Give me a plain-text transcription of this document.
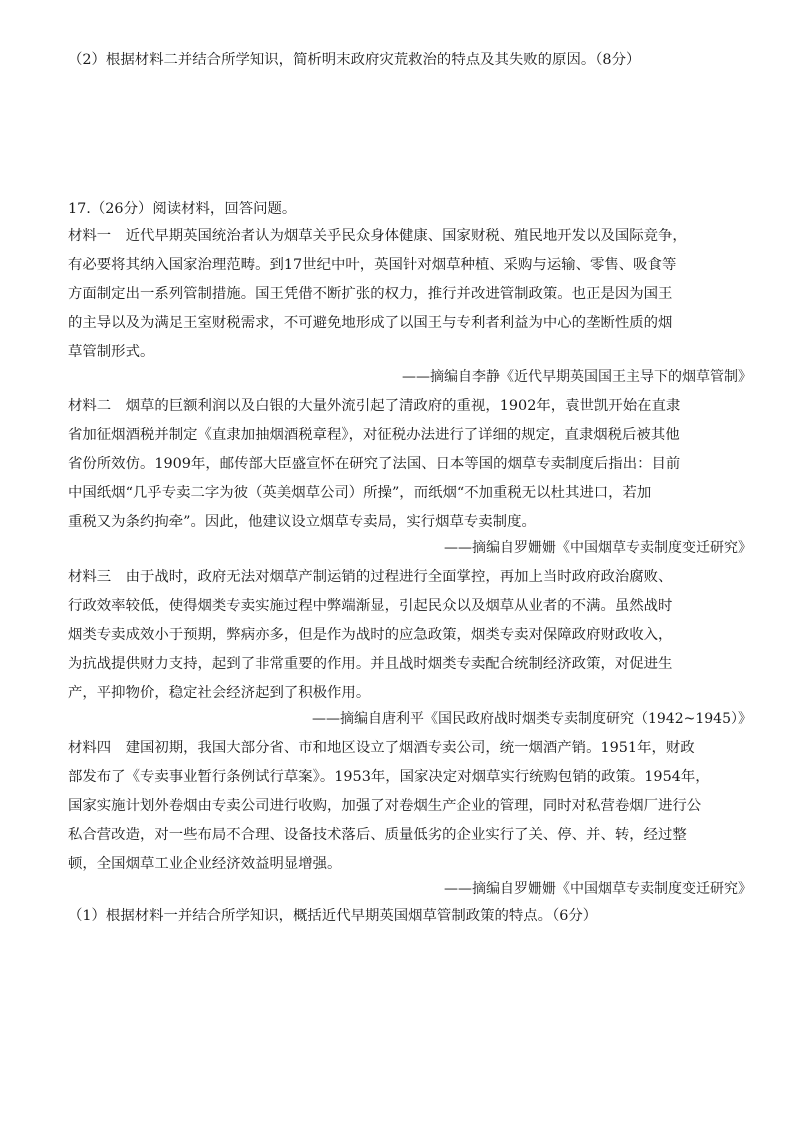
（2）根据材料二并结合所学知识，简析明末政府灾荒救治的特点及其失败的原因。（8分）
17.（26分）阅读材料，回答问题。
材料一　近代早期英国统治者认为烟草关乎民众身体健康、国家财税、殖民地开发以及国际竞争，
有必要将其纳入国家治理范畴。到17世纪中叶，英国针对烟草种植、采购与运输、零售、吸食等
方面制定出一系列管制措施。国王凭借不断扩张的权力，推行并改进管制政策。也正是因为国王
的主导以及为满足王室财税需求，不可避免地形成了以国王与专利者利益为中心的垄断性质的烟
草管制形式。
——摘编自李静《近代早期英国国王主导下的烟草管制》
材料二　烟草的巨额利润以及白银的大量外流引起了清政府的重视，1902年，袁世凯开始在直隶
省加征烟酒税并制定《直隶加抽烟酒税章程》，对征税办法进行了详细的规定，直隶烟税后被其他
省份所效仿。1909年，邮传部大臣盛宣怀在研究了法国、日本等国的烟草专卖制度后指出：目前
中国纸烟“几乎专卖二字为彼（英美烟草公司）所操”，而纸烟“不加重税无以杜其进口，若加
重税又为条约拘牵”。因此，他建议设立烟草专卖局，实行烟草专卖制度。
——摘编自罗姗姗《中国烟草专卖制度变迁研究》
材料三　由于战时，政府无法对烟草产制运销的过程进行全面掌控，再加上当时政府政治腐败、
行政效率较低，使得烟类专卖实施过程中弊端渐显，引起民众以及烟草从业者的不满。虽然战时
烟类专卖成效小于预期，弊病亦多，但是作为战时的应急政策，烟类专卖对保障政府财政收入，
为抗战提供财力支持，起到了非常重要的作用。并且战时烟类专卖配合统制经济政策，对促进生
产，平抑物价，稳定社会经济起到了积极作用。
——摘编自唐利平《国民政府战时烟类专卖制度研究（1942~1945）》
材料四　建国初期，我国大部分省、市和地区设立了烟酒专卖公司，统一烟酒产销。1951年，财政
部发布了《专卖事业暂行条例试行草案》。1953年，国家决定对烟草实行统购包销的政策。1954年，
国家实施计划外卷烟由专卖公司进行收购，加强了对卷烟生产企业的管理，同时对私营卷烟厂进行公
私合营改造，对一些布局不合理、设备技术落后、质量低劣的企业实行了关、停、并、转，经过整
顿，全国烟草工业企业经济效益明显增强。
——摘编自罗姗姗《中国烟草专卖制度变迁研究》
（1）根据材料一并结合所学知识，概括近代早期英国烟草管制政策的特点。（6分）
